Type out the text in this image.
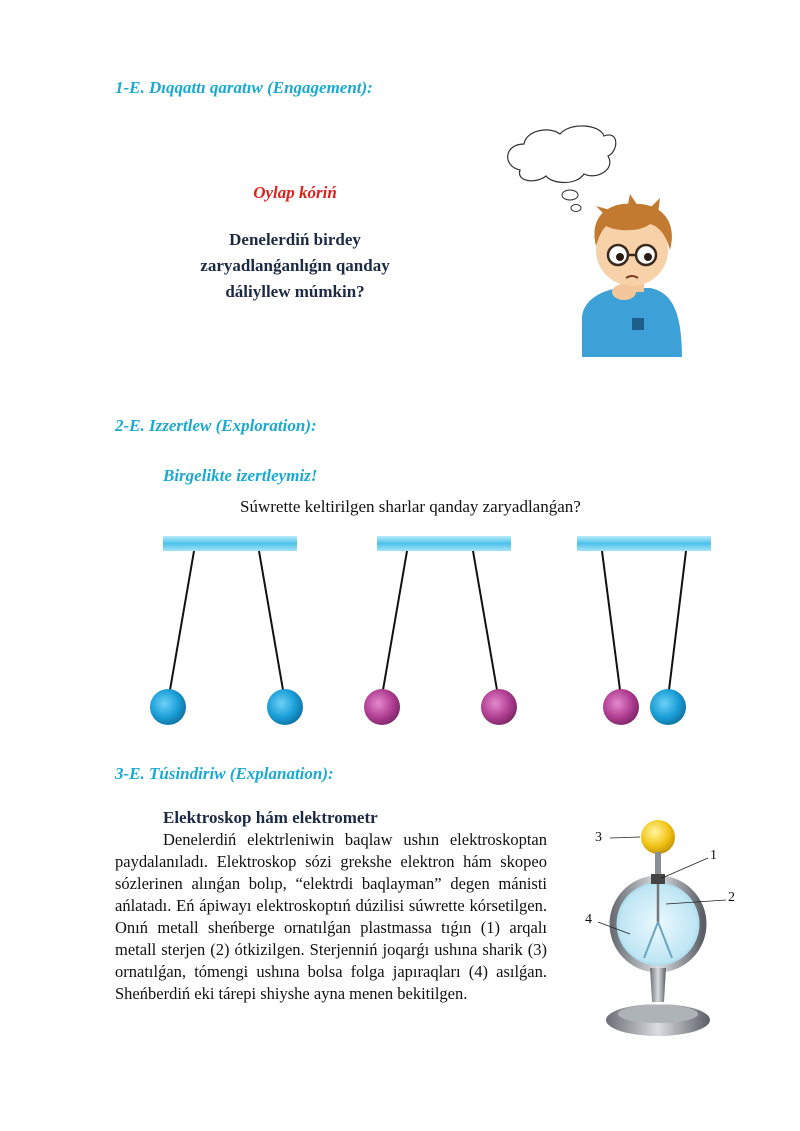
1-E. Dıqqattı qaratıw (Engagement):
Oylap kóriń
Denelerdiń birdey
zaryadlanǵanlıǵın qanday
dáliyllew múmkin?
2-E. Izzertlew (Exploration):
Birgelikte izertleymiz!
Súwrette keltirilgen sharlar qanday zaryadlanǵan?
3-E. Túsindiriw (Explanation):
Elektroskop hám elektrometr
Denelerdiń elektrleniwin baqlaw ushın elektroskoptan paydalanıladı. Elektroskop sózi grekshe elektron hám skopeo sózlerinen alınǵan bolıp, “elektrdi baqlayman” degen mánisti ańlatadı. Eń ápiwayı elektroskoptıń dúzilisi súwrette kórsetilgen. Onıń metall sheńberge ornatılǵan plastmassa tıǵın (1) arqalı metall sterjen (2) ótkizilgen. Sterjenniń joqarǵı ushına sharik (3) ornatılǵan, tómengi ushına bolsa folga japıraqları (4) asılǵan. Sheńberdiń eki tárepi shiyshe ayna menen bekitilgen.
3
1
2
4
